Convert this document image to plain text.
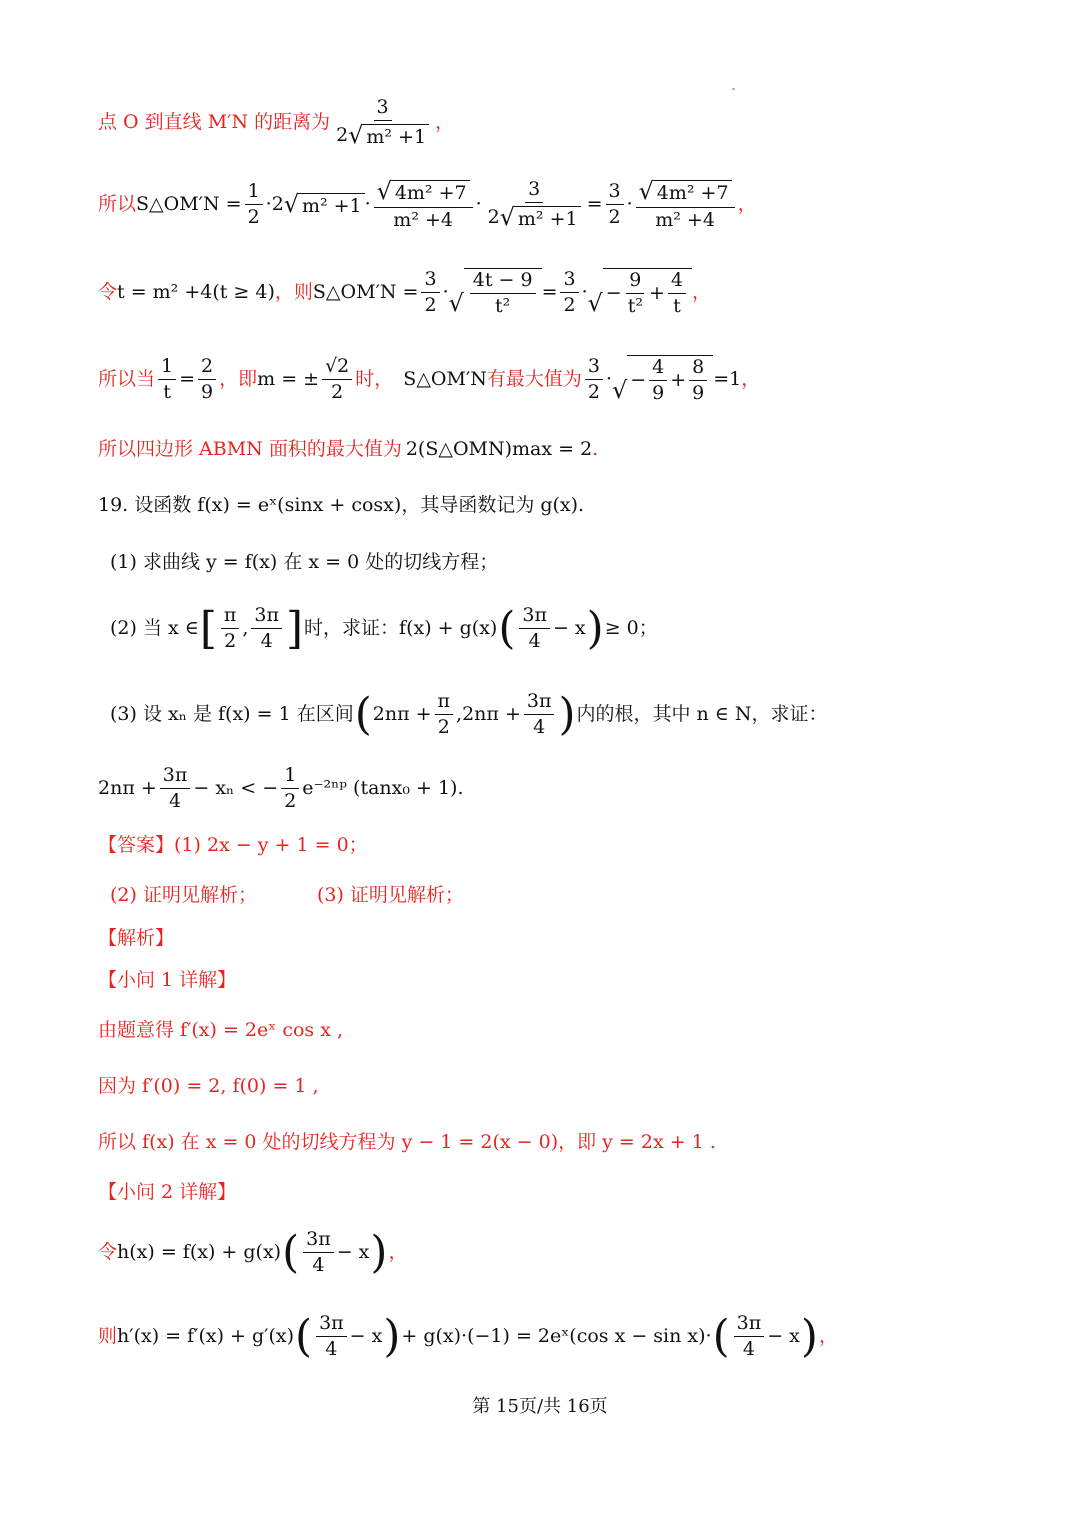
点 O 到直线 M′N 的距离为 $\frac{3}{\text{2 √ m² +1}}$ ，
所以 S△OM′N = $\frac{1}{2} \cdot 2$ √ $m^2 +1 \cdot \frac{\text{√ 4m² +7}}{\text{m² +4}} \cdot \frac{3}{\text{2 √ m² +1}} = \frac{3}{2} \cdot \frac{\text{√ 4m² +7}}{\text{m² +4}}$ ，
令 t = m² +4(t ≥ 4) ，则 S△OM′N = $\frac{3}{2}$ · √ $\frac{4t - 9}{\text{t²}} = \frac{3}{2}$ · √ − $\frac{9}{\text{t²}} + \frac{4}{t}$ ，
所以当 $\frac{1}{t} = \frac{2}{9}$ ，即 m = ± $\frac{√2}{2}$ 时， S△OM′N 有最大值为 $\frac{3}{2}$ · √ − $\frac{4}{9} + \frac{8}{9} =1$ ，
所以四边形 ABMN 面积的最大值为 2(S△OMN)max = 2 .
19. 设函数 f(x) = eˣ(sinx + cosx)，其导函数记为 g(x).
(1) 求曲线 y = f(x) 在 x = 0 处的切线方程；
(2) 当 x ∈ [ $\frac{\pi}{2}$ , $\frac{3\pi}{4}$ ] 时，求证： f(x) + g(x) ( $\frac{3\pi}{4} - x$ ) ≥ 0；
(3) 设 xₙ 是 f(x) = 1 在区间 ( $2n\pi + \frac{\pi}{2} ,2n\pi + \frac{3\pi}{4}$ ) 内的根，其中 n ∈ N，求证：
$2n\pi + \frac{3\pi}{4} - x_n$ < − $\frac{1}{2}$ e⁻²ⁿᵖ (tanx₀ + 1).
【答案】 (1) 2x − y + 1 = 0；
(2) 证明见解析；	(3) 证明见解析；
【解析】
【小问 1 详解】
由题意得 f′(x) = 2eˣ cos x ,
因为 f′(0) = 2, f(0) = 1 ,
所以 f(x) 在 x = 0 处的切线方程为 y − 1 = 2(x − 0)，即 y = 2x + 1 .
【小问 2 详解】
令 h(x) = f(x) + g(x) ( $\frac{3\pi}{4} - x$ ) ，
则 h′(x) = f′(x) + g′(x) ( $\frac{3\pi}{4} - x$ ) + g(x)·(−1) = 2eˣ(cos x − sin x)· ( $\frac{3\pi}{4} - x$ ) ，
第 15页/共 16页
